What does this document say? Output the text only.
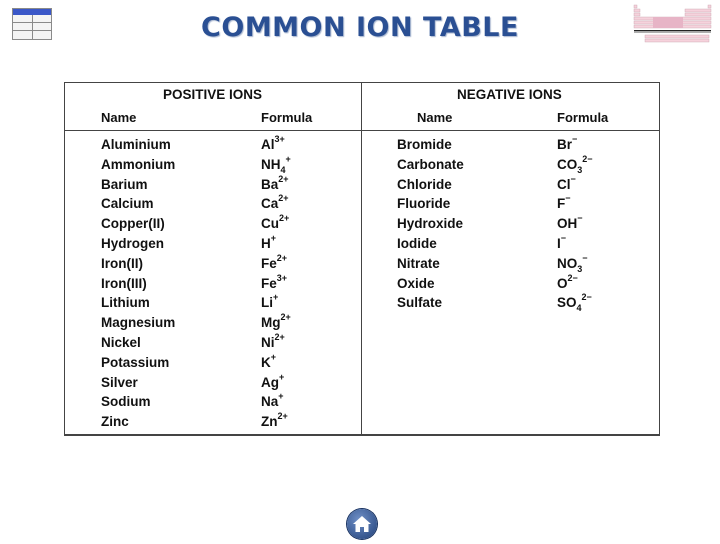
COMMON ION TABLE
POSITIVE IONS
Name	Formula
NEGATIVE IONS
Name	Formula
Aluminium	$Al^{3+}$
Ammonium	$NH_4^+$
Barium	$Ba^{2+}$
Calcium	$Ca^{2+}$
Copper(II)	$Cu^{2+}$
Hydrogen	H+
Iron(II)	$Fe^{2+}$
Iron(III)	$Fe^{3+}$
Lithium	Li+
Magnesium	$Mg^{2+}$
Nickel	$Ni^{2+}$
Potassium	K+
Silver	Ag+
Sodium	Na+
Zinc	$Zn^{2+}$
Bromide	Br−
Carbonate	$CO_3^{2-}$
Chloride	Cl−
Fluoride	F−
Hydroxide	OH−
Iodide	I−
Nitrate	$NO_3^-$
Oxide	$O^{2-}$
Sulfate	$SO_4^{2-}$
